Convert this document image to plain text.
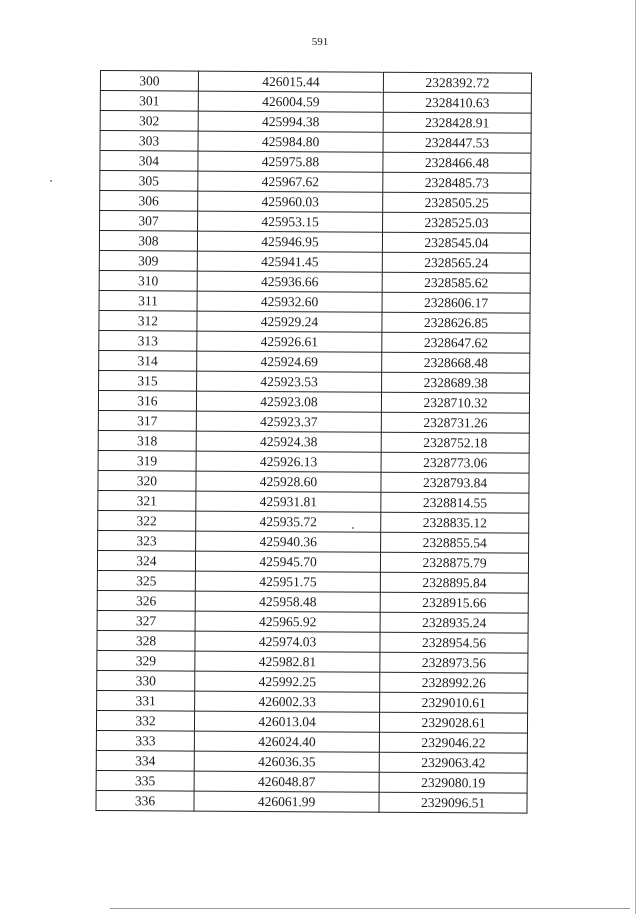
591
300	426015.44	2328392.72
301	426004.59	2328410.63
302	425994.38	2328428.91
303	425984.80	2328447.53
304	425975.88	2328466.48
305	425967.62	2328485.73
306	425960.03	2328505.25
307	425953.15	2328525.03
308	425946.95	2328545.04
309	425941.45	2328565.24
310	425936.66	2328585.62
311	425932.60	2328606.17
312	425929.24	2328626.85
313	425926.61	2328647.62
314	425924.69	2328668.48
315	425923.53	2328689.38
316	425923.08	2328710.32
317	425923.37	2328731.26
318	425924.38	2328752.18
319	425926.13	2328773.06
320	425928.60	2328793.84
321	425931.81	2328814.55
322	425935.72	2328835.12
323	425940.36	2328855.54
324	425945.70	2328875.79
325	425951.75	2328895.84
326	425958.48	2328915.66
327	425965.92	2328935.24
328	425974.03	2328954.56
329	425982.81	2328973.56
330	425992.25	2328992.26
331	426002.33	2329010.61
332	426013.04	2329028.61
333	426024.40	2329046.22
334	426036.35	2329063.42
335	426048.87	2329080.19
336	426061.99	2329096.51
